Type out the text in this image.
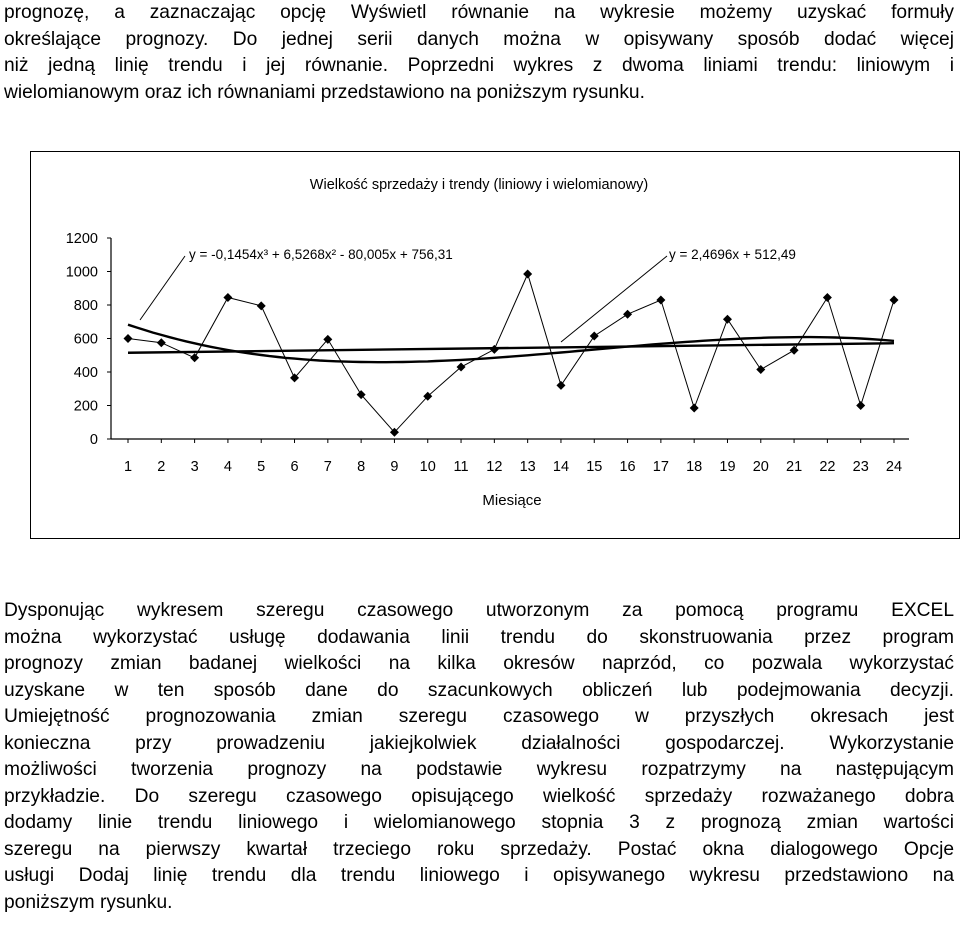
prognozę, a zaznaczając opcję Wyświetl równanie na wykresie możemy uzyskać formuły
określające prognozy. Do jednej serii danych można w opisywany sposób dodać więcej
niż jedną linię trendu i jej równanie. Poprzedni wykres z dwoma liniami trendu: liniowym i
wielomianowym oraz ich równaniami przedstawiono na poniższym rysunku.
Wielkość sprzedaży i trendy (liniowy i wielomianowy)
0
200
400
600
800
1000
1200
1 2 3 4 5 6 7 8 9 10 11 12 13 14 15 16 17 18 19 20 21 22 23 24
y = -0,1454x³ + 6,5268x² - 80,005x + 756,31	y = 2,4696x + 512,49
Miesiące
Dysponując wykresem szeregu czasowego utworzonym za pomocą programu EXCEL
można wykorzystać usługę dodawania linii trendu do skonstruowania przez program
prognozy zmian badanej wielkości na kilka okresów naprzód, co pozwala wykorzystać
uzyskane w ten sposób dane do szacunkowych obliczeń lub podejmowania decyzji.
Umiejętność prognozowania zmian szeregu czasowego w przyszłych okresach jest
konieczna przy prowadzeniu jakiejkolwiek działalności gospodarczej. Wykorzystanie
możliwości tworzenia prognozy na podstawie wykresu rozpatrzymy na następującym
przykładzie. Do szeregu czasowego opisującego wielkość sprzedaży rozważanego dobra
dodamy linie trendu liniowego i wielomianowego stopnia 3 z prognozą zmian wartości
szeregu na pierwszy kwartał trzeciego roku sprzedaży. Postać okna dialogowego Opcje
usługi Dodaj linię trendu dla trendu liniowego i opisywanego wykresu przedstawiono na
poniższym rysunku.
